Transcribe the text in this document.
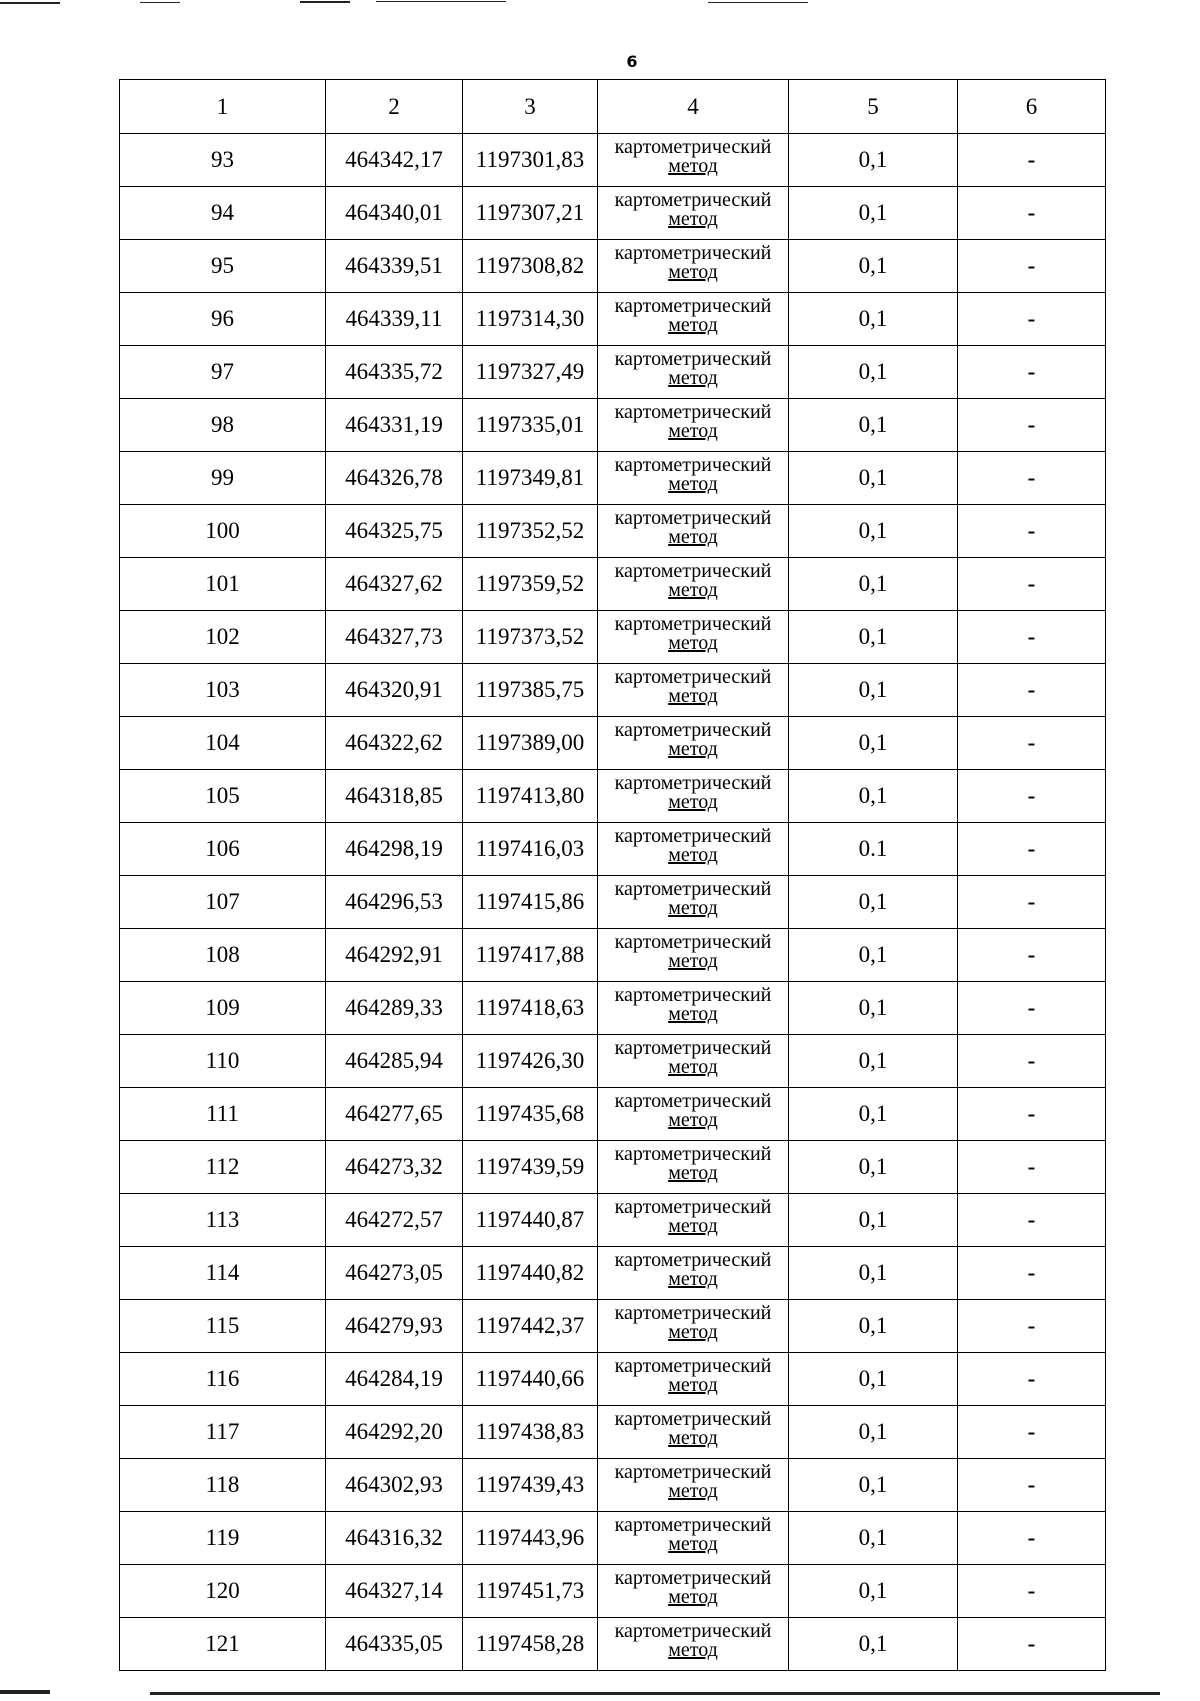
6
1	2	3	4	5	6
93	464342,17	1197301,83	картометрический
метод	0,1	-
94	464340,01	1197307,21	картометрический
метод	0,1	-
95	464339,51	1197308,82	картометрический
метод	0,1	-
96	464339,11	1197314,30	картометрический
метод	0,1	-
97	464335,72	1197327,49	картометрический
метод	0,1	-
98	464331,19	1197335,01	картометрический
метод	0,1	-
99	464326,78	1197349,81	картометрический
метод	0,1	-
100	464325,75	1197352,52	картометрический
метод	0,1	-
101	464327,62	1197359,52	картометрический
метод	0,1	-
102	464327,73	1197373,52	картометрический
метод	0,1	-
103	464320,91	1197385,75	картометрический
метод	0,1	-
104	464322,62	1197389,00	картометрический
метод	0,1	-
105	464318,85	1197413,80	картометрический
метод	0,1	-
106	464298,19	1197416,03	картометрический
метод	0.1	-
107	464296,53	1197415,86	картометрический
метод	0,1	-
108	464292,91	1197417,88	картометрический
метод	0,1	-
109	464289,33	1197418,63	картометрический
метод	0,1	-
110	464285,94	1197426,30	картометрический
метод	0,1	-
111	464277,65	1197435,68	картометрический
метод	0,1	-
112	464273,32	1197439,59	картометрический
метод	0,1	-
113	464272,57	1197440,87	картометрический
метод	0,1	-
114	464273,05	1197440,82	картометрический
метод	0,1	-
115	464279,93	1197442,37	картометрический
метод	0,1	-
116	464284,19	1197440,66	картометрический
метод	0,1	-
117	464292,20	1197438,83	картометрический
метод	0,1	-
118	464302,93	1197439,43	картометрический
метод	0,1	-
119	464316,32	1197443,96	картометрический
метод	0,1	-
120	464327,14	1197451,73	картометрический
метод	0,1	-
121	464335,05	1197458,28	картометрический
метод	0,1	-
